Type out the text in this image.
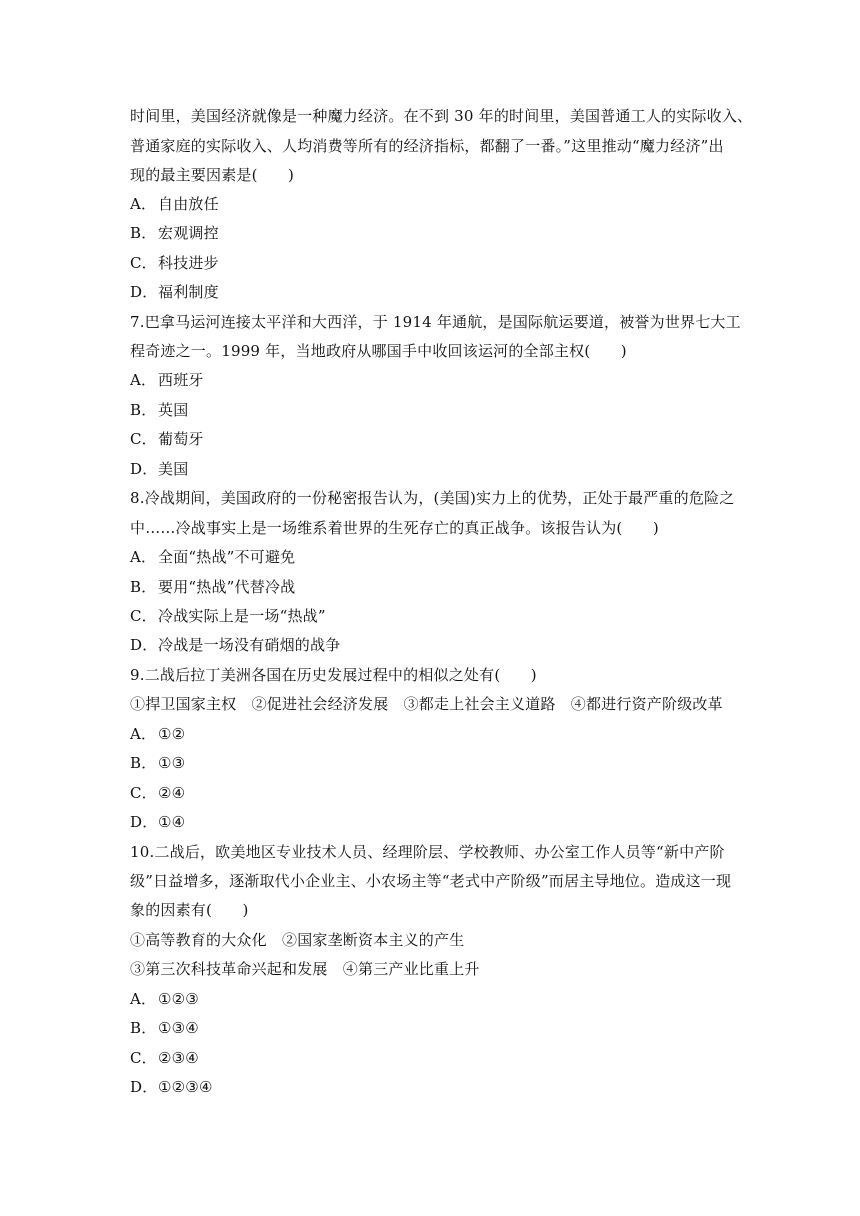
时间里，美国经济就像是一种魔力经济。在不到 30 年的时间里，美国普通工人的实际收入、
普通家庭的实际收入、人均消费等所有的经济指标，都翻了一番。”这里推动“魔力经济”出
现的最主要因素是(　　)
A． 自由放任
B． 宏观调控
C．科技进步
D．福利制度
7.巴拿马运河连接太平洋和大西洋，于 1914 年通航，是国际航运要道，被誉为世界七大工
程奇迹之一。1999 年，当地政府从哪国手中收回该运河的全部主权(　　)
A． 西班牙
B． 英国
C．葡萄牙
D．美国
8.冷战期间，美国政府的一份秘密报告认为，(美国)实力上的优势，正处于最严重的危险之
中……冷战事实上是一场维系着世界的生死存亡的真正战争。该报告认为(　　)
A． 全面“热战”不可避免
B． 要用“热战”代替冷战
C．冷战实际上是一场“热战”
D．冷战是一场没有硝烟的战争
9.二战后拉丁美洲各国在历史发展过程中的相似之处有(　　)
①捍卫国家主权　②促进社会经济发展　③都走上社会主义道路　④都进行资产阶级改革
A． ①②
B． ①③
C．②④
D．①④
10.二战后，欧美地区专业技术人员、经理阶层、学校教师、办公室工作人员等“新中产阶
级”日益增多，逐渐取代小企业主、小农场主等“老式中产阶级”而居主导地位。造成这一现
象的因素有(　　)
①高等教育的大众化　②国家垄断资本主义的产生
③第三次科技革命兴起和发展　④第三产业比重上升
A． ①②③
B． ①③④
C．②③④
D．①②③④
